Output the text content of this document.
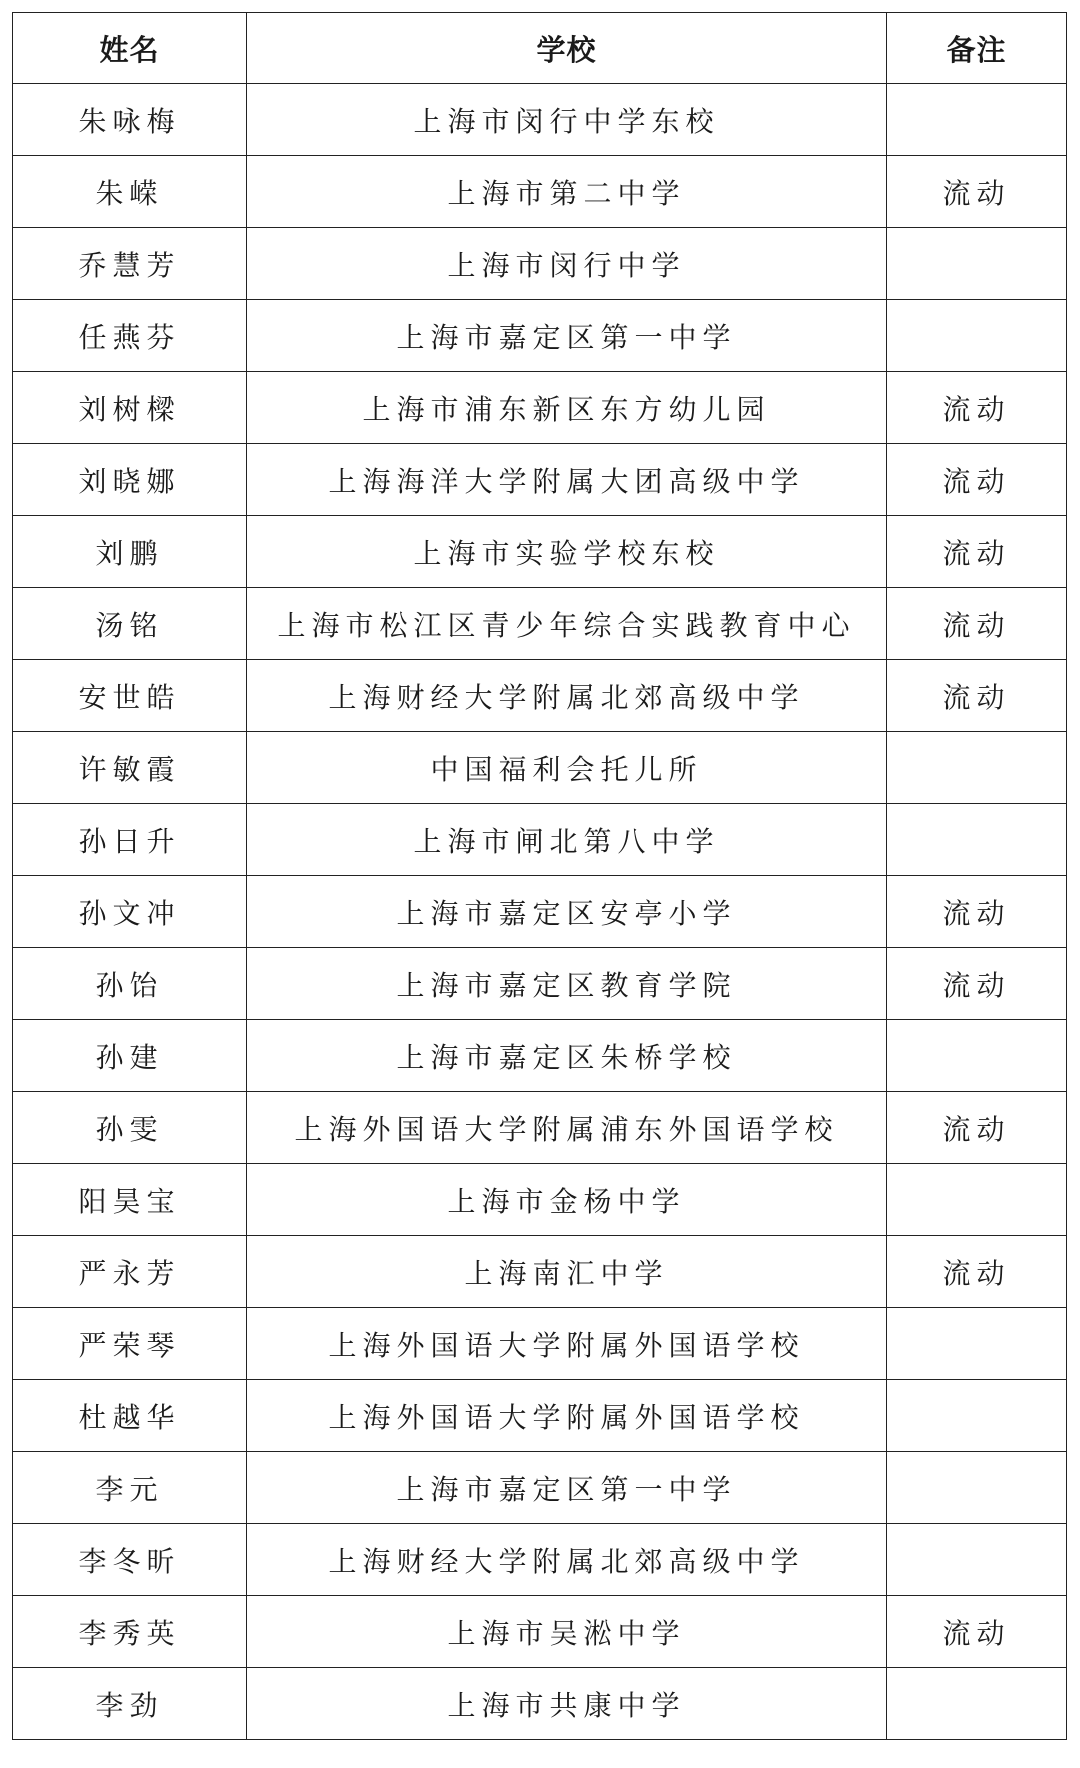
姓名	学校	备注
朱咏梅	上海市闵行中学东校	
朱嵘	上海市第二中学	流动
乔慧芳	上海市闵行中学	
任燕芬	上海市嘉定区第一中学	
刘树樑	上海市浦东新区东方幼儿园	流动
刘晓娜	上海海洋大学附属大团高级中学	流动
刘鹏	上海市实验学校东校	流动
汤铭	上海市松江区青少年综合实践教育中心	流动
安世皓	上海财经大学附属北郊高级中学	流动
许敏霞	中国福利会托儿所	
孙日升	上海市闸北第八中学	
孙文冲	上海市嘉定区安亭小学	流动
孙饴	上海市嘉定区教育学院	流动
孙建	上海市嘉定区朱桥学校	
孙雯	上海外国语大学附属浦东外国语学校	流动
阳昊宝	上海市金杨中学	
严永芳	上海南汇中学	流动
严荣琴	上海外国语大学附属外国语学校	
杜越华	上海外国语大学附属外国语学校	
李元	上海市嘉定区第一中学	
李冬昕	上海财经大学附属北郊高级中学	
李秀英	上海市吴淞中学	流动
李劲	上海市共康中学	
